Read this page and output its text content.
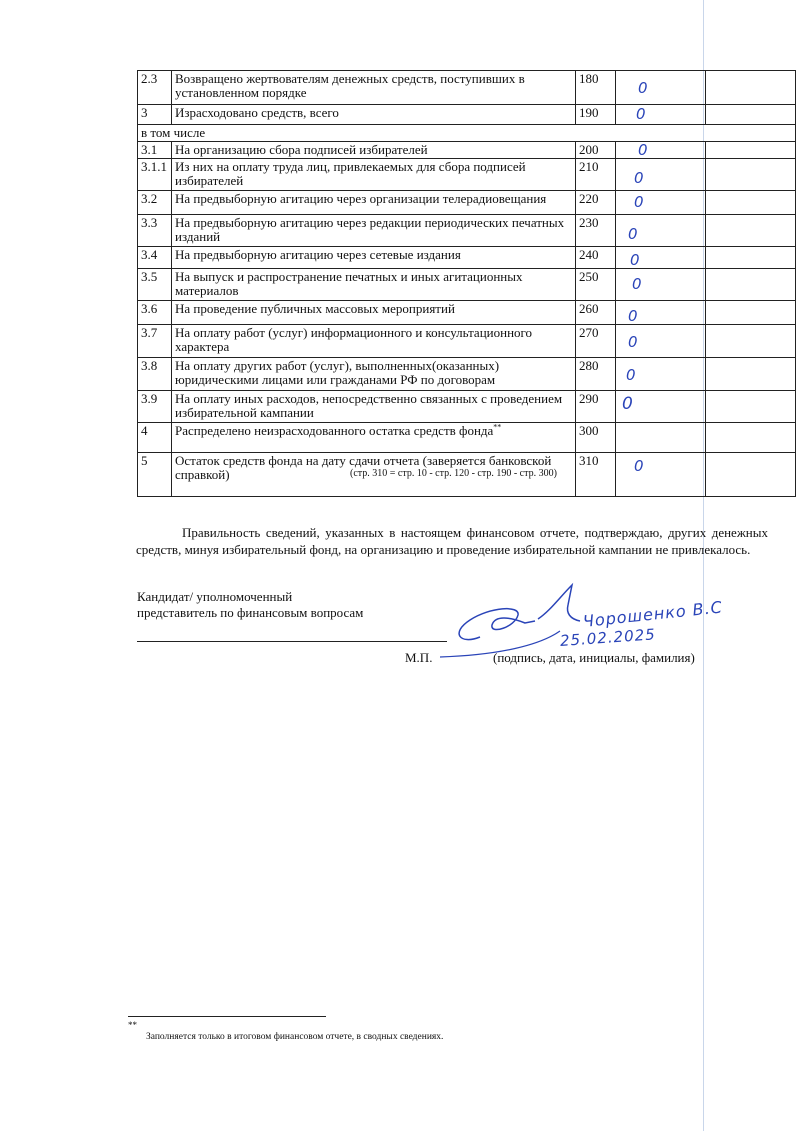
2.3	Возвращено жертвователям денежных средств, поступивших в установленном порядке	180	0	

3	Израсходовано средств, всего	190	0	

в том числе				
3.1	На организацию сбора подписей избирателей	200	0	

3.1.1	Из них на оплату труда лиц, привлекаемых для сбора подписей избирателей	210	0	

3.2	На предвыборную агитацию через организации телерадиовещания	220	0	

3.3	На предвыборную агитацию через редакции периодических печатных изданий	230	0	

3.4	На предвыборную агитацию через сетевые издания	240	0	

3.5	На выпуск и распространение печатных и иных агитационных материалов	250	0	

3.6	На проведение публичных массовых мероприятий	260	0	

3.7	На оплату работ (услуг) информационного и консультационного характера	270	0	

3.8	На оплату других работ (услуг), выполненных(оказанных) юридическими лицами или гражданами РФ по договорам	280	0	

3.9	На оплату иных расходов, непосредственно связанных с проведением избирательной кампании	290	0	

4	Распределено неизрасходованного остатка средств фонда**	300		
5	Остаток средств фонда на дату сдачи отчета (заверяется банковской справкой) (стр. 310 = стр. 10 - стр. 120 - стр. 190 - стр. 300)	310	0	

Правильность сведений, указанных в настоящем финансовом отчете, подтверждаю, других денежных средств, минуя избирательный фонд, на организацию и проведение избирательной кампании не привлекалось.
Кандидат/ уполномоченный
представитель по финансовым вопросам	Чорошенко В.С
25.02.2025
М.П.	(подпись, дата, инициалы, фамилия)
**
Заполняется только в итоговом финансовом отчете, в сводных сведениях.
